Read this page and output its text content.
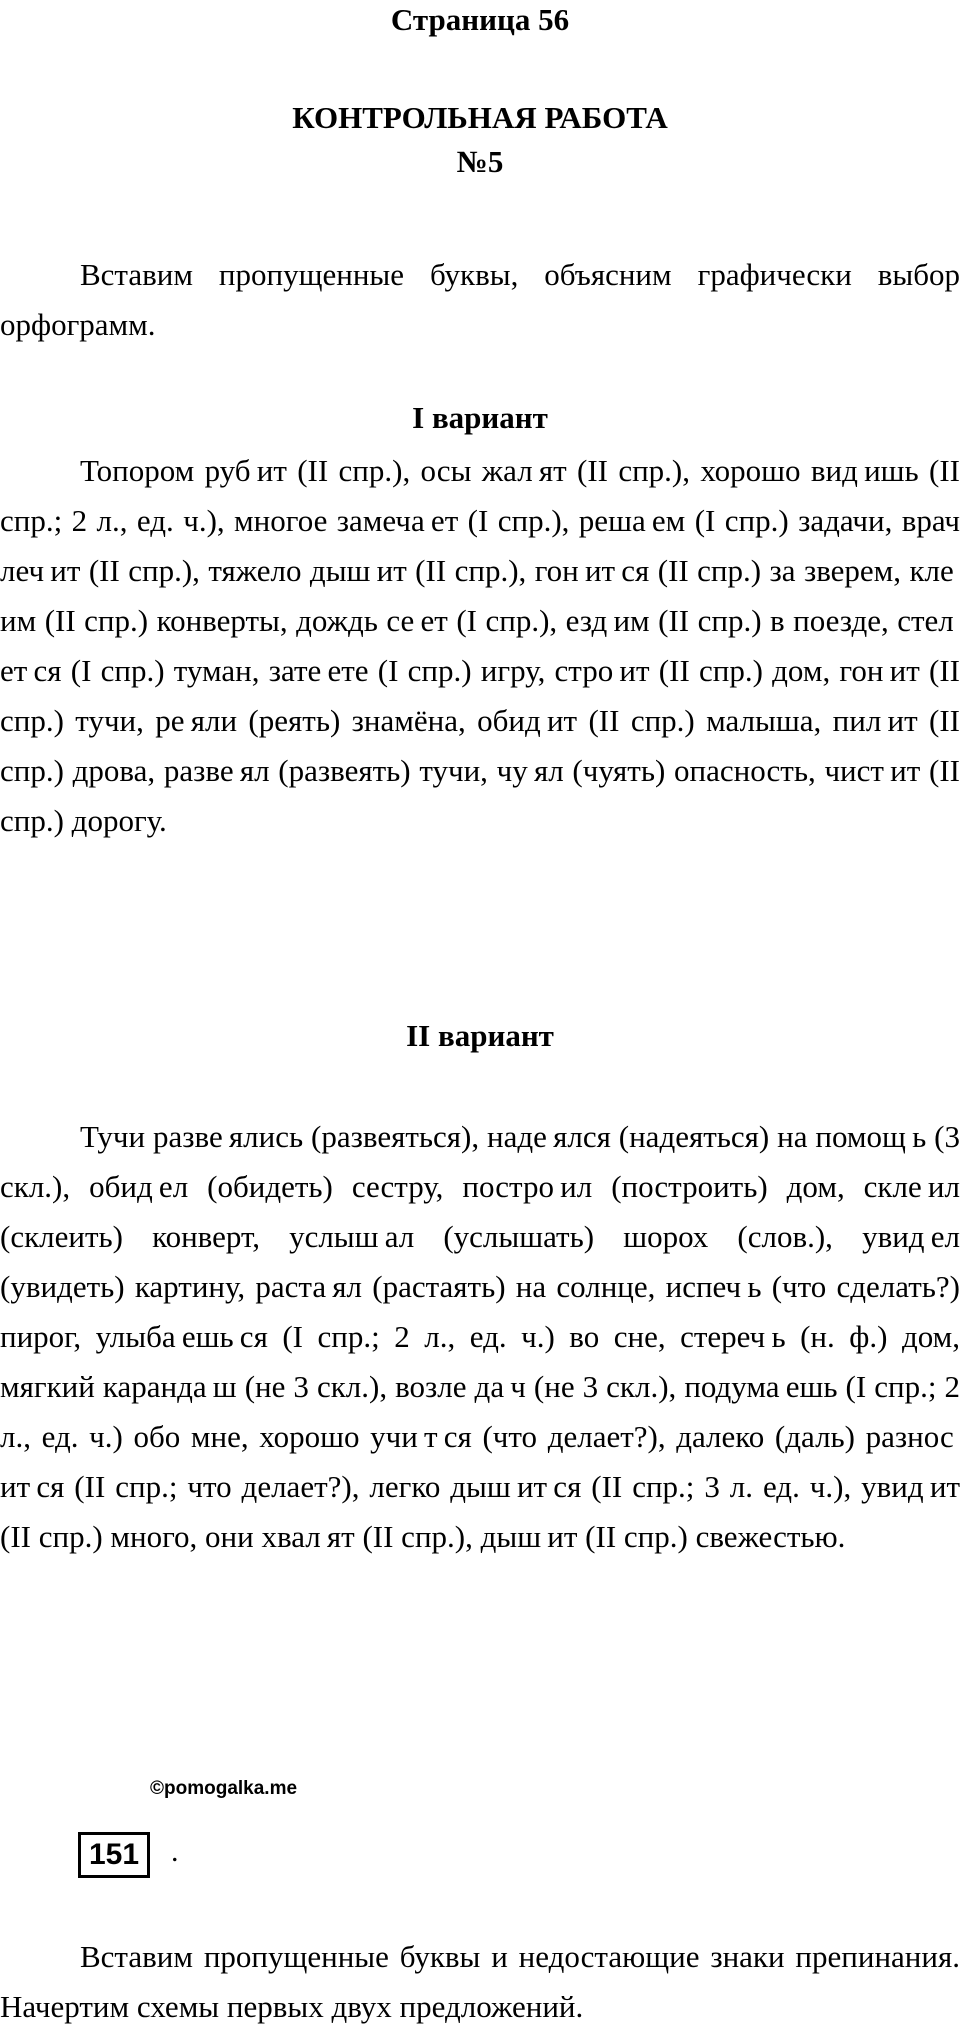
Страница 56
КОНТРОЛЬНАЯ РАБОТА
№5

Вставим пропущенные буквы, объясним графически выбор орфограмм.

I вариант

Топором руб ит (II спр.), осы жал ят (II спр.), хорошо вид ишь (II спр.; 2 л., ед. ч.), многое замеча ет (I спр.), реша ем (I спр.) задачи, врач леч ит (II спр.), тяжело дыш ит (II спр.), гон ит ся (II спр.) за зверем, кле им (II спр.) конверты, дождь се ет (I спр.), езд им (II спр.) в поезде, стел ет ся (I спр.) туман, зате ете (I спр.) игру, стро ит (II спр.) дом, гон ит (II спр.) тучи, ре яли (реять) знамёна, обид ит (II спр.) малыша, пил ит (II спр.) дрова, разве ял (развеять) тучи, чу ял (чуять) опасность, чист ит (II спр.) дорогу.

II вариант

Тучи разве ялись (развеяться), наде ялся (надеяться) на помощ ь (3 скл.), обид ел (обидеть) сестру, постро ил (построить) дом, скле ил (склеить) конверт, услыш ал (услышать) шорох (слов.), увид ел (увидеть) картину, раста ял (растаять) на солнце, испеч ь (что сделать?) пирог, улыба ешь ся (I спр.; 2 л., ед. ч.) во сне, стереч ь (н. ф.) дом, мягкий каранда ш (не 3 скл.), возле да ч (не 3 скл.), подума ешь (I спр.; 2 л., ед. ч.) обо мне, хорошо учи т ся (что делает?), далеко (даль) разнос ит ся (II спр.; что делает?), легко дыш ит ся (II спр.; 3 л. ед. ч.), увид ит (II спр.) много, они хвал ят (II спр.), дыш ит (II спр.) свежестью.

©pomogalka.me
151	.

Вставим пропущенные буквы и недостающие знаки препинания. Начертим схемы первых двух предложений.
